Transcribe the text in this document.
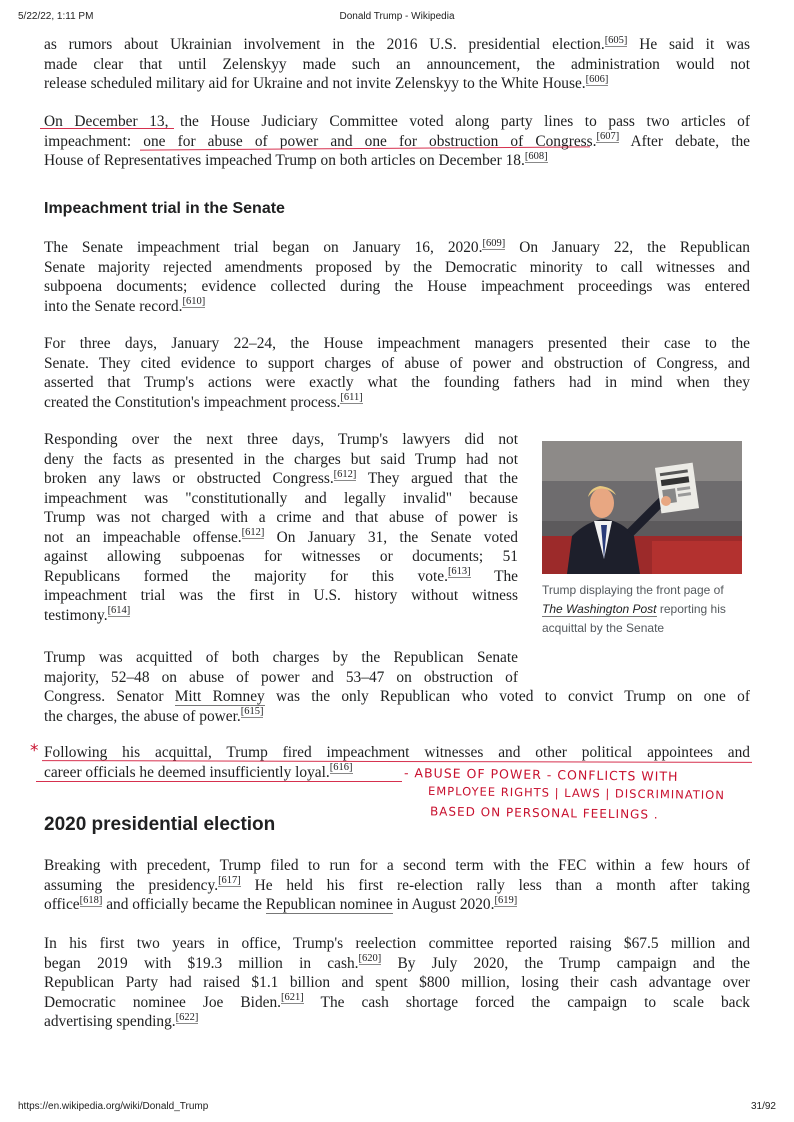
5/22/22, 1:11 PM	Donald Trump - Wikipedia

as rumors about Ukrainian involvement in the 2016 U.S. presidential election.[605] He said it was
made clear that until Zelenskyy made such an announcement, the administration would not
release scheduled military aid for Ukraine and not invite Zelenskyy to the White House.[606]

On December 13, the House Judiciary Committee voted along party lines to pass two articles of
impeachment: one for abuse of power and one for obstruction of Congress.[607] After debate, the
House of Representatives impeached Trump on both articles on December 18.[608]

Impeachment trial in the Senate

The Senate impeachment trial began on January 16, 2020.[609] On January 22, the Republican
Senate majority rejected amendments proposed by the Democratic minority to call witnesses and
subpoena documents; evidence collected during the House impeachment proceedings was entered
into the Senate record.[610]

For three days, January 22–24, the House impeachment managers presented their case to the
Senate. They cited evidence to support charges of abuse of power and obstruction of Congress, and
asserted that Trump's actions were exactly what the founding fathers had in mind when they
created the Constitution's impeachment process.[611]

Responding over the next three days, Trump's lawyers did not
deny the facts as presented in the charges but said Trump had not
broken any laws or obstructed Congress.[612] They argued that the
impeachment was "constitutionally and legally invalid" because
Trump was not charged with a crime and that abuse of power is
not an impeachable offense.[612] On January 31, the Senate voted
against allowing subpoenas for witnesses or documents; 51
Republicans formed the majority for this vote.[613] The
impeachment trial was the first in U.S. history without witness
testimony.[614]

Trump displaying the front page of The Washington Post reporting his acquittal by the Senate

Trump was acquitted of both charges by the Republican Senate
majority, 52–48 on abuse of power and 53–47 on obstruction of
Congress. Senator Mitt Romney was the only Republican who voted to convict Trump on one of
the charges, the abuse of power.[615]

Following his acquittal, Trump fired impeachment witnesses and other political appointees and
career officials he deemed insufficiently loyal.[616]

*
- ABUSE OF POWER - CONFLICTS WITH
EMPLOYEE RIGHTS | LAWS | DISCRIMINATION
BASED ON PERSONAL FEELINGS .
2020 presidential election

Breaking with precedent, Trump filed to run for a second term with the FEC within a few hours of
assuming the presidency.[617] He held his first re-election rally less than a month after taking
office[618] and officially became the Republican nominee in August 2020.[619]

In his first two years in office, Trump's reelection committee reported raising $67.5 million and
began 2019 with $19.3 million in cash.[620] By July 2020, the Trump campaign and the
Republican Party had raised $1.1 billion and spent $800 million, losing their cash advantage over
Democratic nominee Joe Biden.[621] The cash shortage forced the campaign to scale back
advertising spending.[622]

https://en.wikipedia.org/wiki/Donald_Trump	31/92
